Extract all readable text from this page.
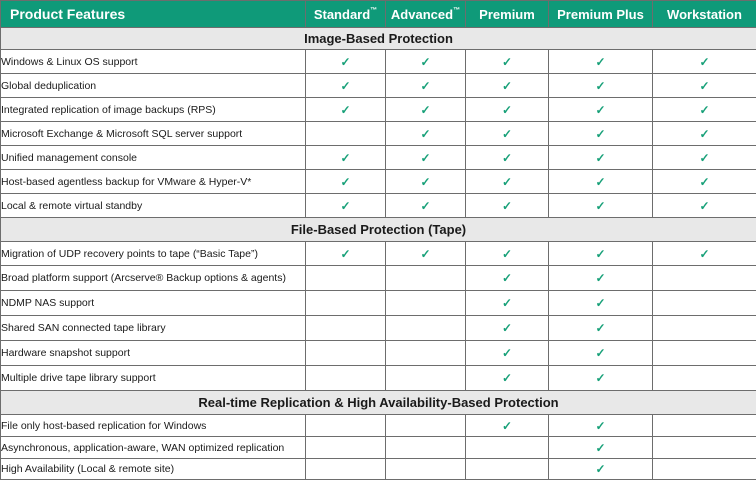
Product Features	Standard™	Advanced™	Premium	Premium Plus	Workstation
Image-Based Protection					
Windows & Linux OS support	✓	✓	✓	✓	✓
Global deduplication	✓	✓	✓	✓	✓
Integrated replication of image backups (RPS)	✓	✓	✓	✓	✓
Microsoft Exchange & Microsoft SQL server support		✓	✓	✓	✓
Unified management console	✓	✓	✓	✓	✓
Host-based agentless backup for VMware & Hyper-V*	✓	✓	✓	✓	✓
Local & remote virtual standby	✓	✓	✓	✓	✓
File-Based Protection (Tape)					
Migration of UDP recovery points to tape (“Basic Tape”)	✓	✓	✓	✓	✓
Broad platform support (Arcserve® Backup options & agents)			✓	✓	
NDMP NAS support			✓	✓	
Shared SAN connected tape library			✓	✓	
Hardware snapshot support			✓	✓	
Multiple drive tape library support			✓	✓	
Real-time Replication & High Availability-Based Protection					
File only host-based replication for Windows			✓	✓	
Asynchronous, application-aware, WAN optimized replication				✓	
High Availability (Local & remote site)				✓	
